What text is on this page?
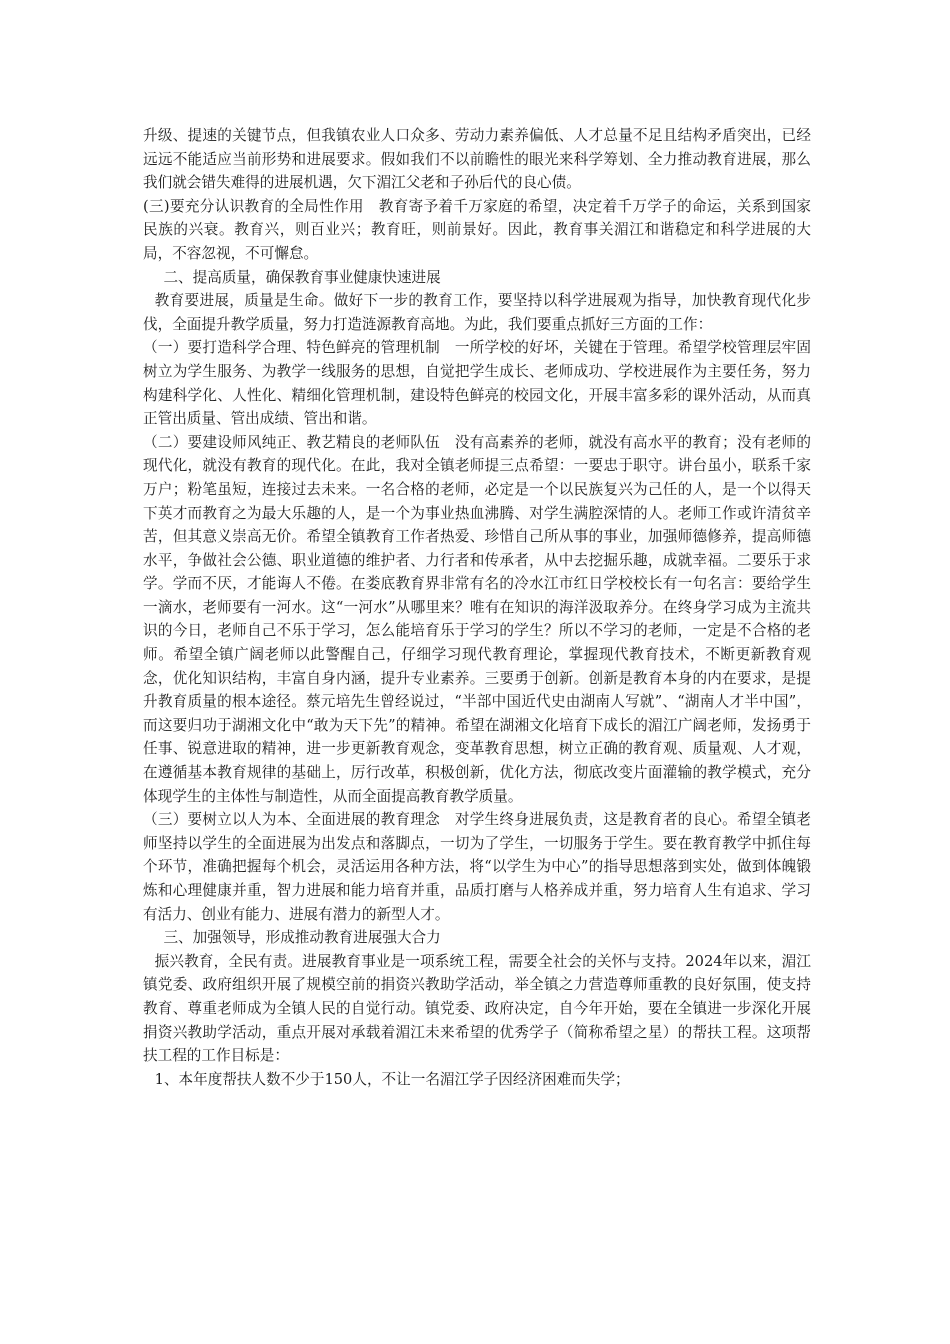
升级、提速的关键节点，但我镇农业人口众多、劳动力素养偏低、人才总量不足且结构矛盾突出，已经远远不能适应当前形势和进展要求。假如我们不以前瞻性的眼光来科学筹划、全力推动教育进展，那么我们就会错失难得的进展机遇，欠下湄江父老和子孙后代的良心债。

(三)要充分认识教育的全局性作用　教育寄予着千万家庭的希望，决定着千万学子的命运，关系到国家民族的兴衰。教育兴，则百业兴；教育旺，则前景好。因此，教育事关湄江和谐稳定和科学进展的大局，不容忽视，不可懈怠。

二、提高质量，确保教育事业健康快速进展

教育要进展，质量是生命。做好下一步的教育工作，要坚持以科学进展观为指导，加快教育现代化步伐，全面提升教学质量，努力打造涟源教育高地。为此，我们要重点抓好三方面的工作：

（一）要打造科学合理、特色鲜亮的管理机制　一所学校的好坏，关键在于管理。希望学校管理层牢固树立为学生服务、为教学一线服务的思想，自觉把学生成长、老师成功、学校进展作为主要任务，努力构建科学化、人性化、精细化管理机制，建设特色鲜亮的校园文化，开展丰富多彩的课外活动，从而真正管出质量、管出成绩、管出和谐。

（二）要建设师风纯正、教艺精良的老师队伍　没有高素养的老师，就没有高水平的教育；没有老师的现代化，就没有教育的现代化。在此，我对全镇老师提三点希望：一要忠于职守。讲台虽小，联系千家万户；粉笔虽短，连接过去未来。一名合格的老师，必定是一个以民族复兴为己任的人，是一个以得天下英才而教育之为最大乐趣的人，是一个为事业热血沸腾、对学生满腔深情的人。老师工作或许清贫辛苦，但其意义崇高无价。希望全镇教育工作者热爱、珍惜自己所从事的事业，加强师德修养，提高师德水平，争做社会公德、职业道德的维护者、力行者和传承者，从中去挖掘乐趣，成就幸福。二要乐于求学。学而不厌，才能诲人不倦。在娄底教育界非常有名的冷水江市红日学校校长有一句名言：要给学生一滴水，老师要有一河水。这“一河水”从哪里来？唯有在知识的海洋汲取养分。在终身学习成为主流共识的今日，老师自己不乐于学习，怎么能培育乐于学习的学生？所以不学习的老师，一定是不合格的老师。希望全镇广阔老师以此警醒自己，仔细学习现代教育理论，掌握现代教育技术，不断更新教育观念，优化知识结构，丰富自身内涵，提升专业素养。三要勇于创新。创新是教育本身的内在要求，是提升教育质量的根本途径。蔡元培先生曾经说过，“半部中国近代史由湖南人写就”、“湖南人才半中国”，而这要归功于湖湘文化中“敢为天下先”的精神。希望在湖湘文化培育下成长的湄江广阔老师，发扬勇于任事、锐意进取的精神，进一步更新教育观念，变革教育思想，树立正确的教育观、质量观、人才观，在遵循基本教育规律的基础上，厉行改革，积极创新，优化方法，彻底改变片面灌输的教学模式，充分体现学生的主体性与制造性，从而全面提高教育教学质量。

（三）要树立以人为本、全面进展的教育理念　对学生终身进展负责，这是教育者的良心。希望全镇老师坚持以学生的全面进展为出发点和落脚点，一切为了学生，一切服务于学生。要在教育教学中抓住每个环节，准确把握每个机会，灵活运用各种方法，将“以学生为中心”的指导思想落到实处，做到体魄锻炼和心理健康并重，智力进展和能力培育并重，品质打磨与人格养成并重，努力培育人生有追求、学习有活力、创业有能力、进展有潜力的新型人才。

三、加强领导，形成推动教育进展强大合力

振兴教育，全民有责。进展教育事业是一项系统工程，需要全社会的关怀与支持。2024年以来，湄江镇党委、政府组织开展了规模空前的捐资兴教助学活动，举全镇之力营造尊师重教的良好氛围，使支持教育、尊重老师成为全镇人民的自觉行动。镇党委、政府决定，自今年开始，要在全镇进一步深化开展捐资兴教助学活动，重点开展对承载着湄江未来希望的优秀学子（简称希望之星）的帮扶工程。这项帮扶工程的工作目标是：

1、本年度帮扶人数不少于150人，不让一名湄江学子因经济困难而失学；
